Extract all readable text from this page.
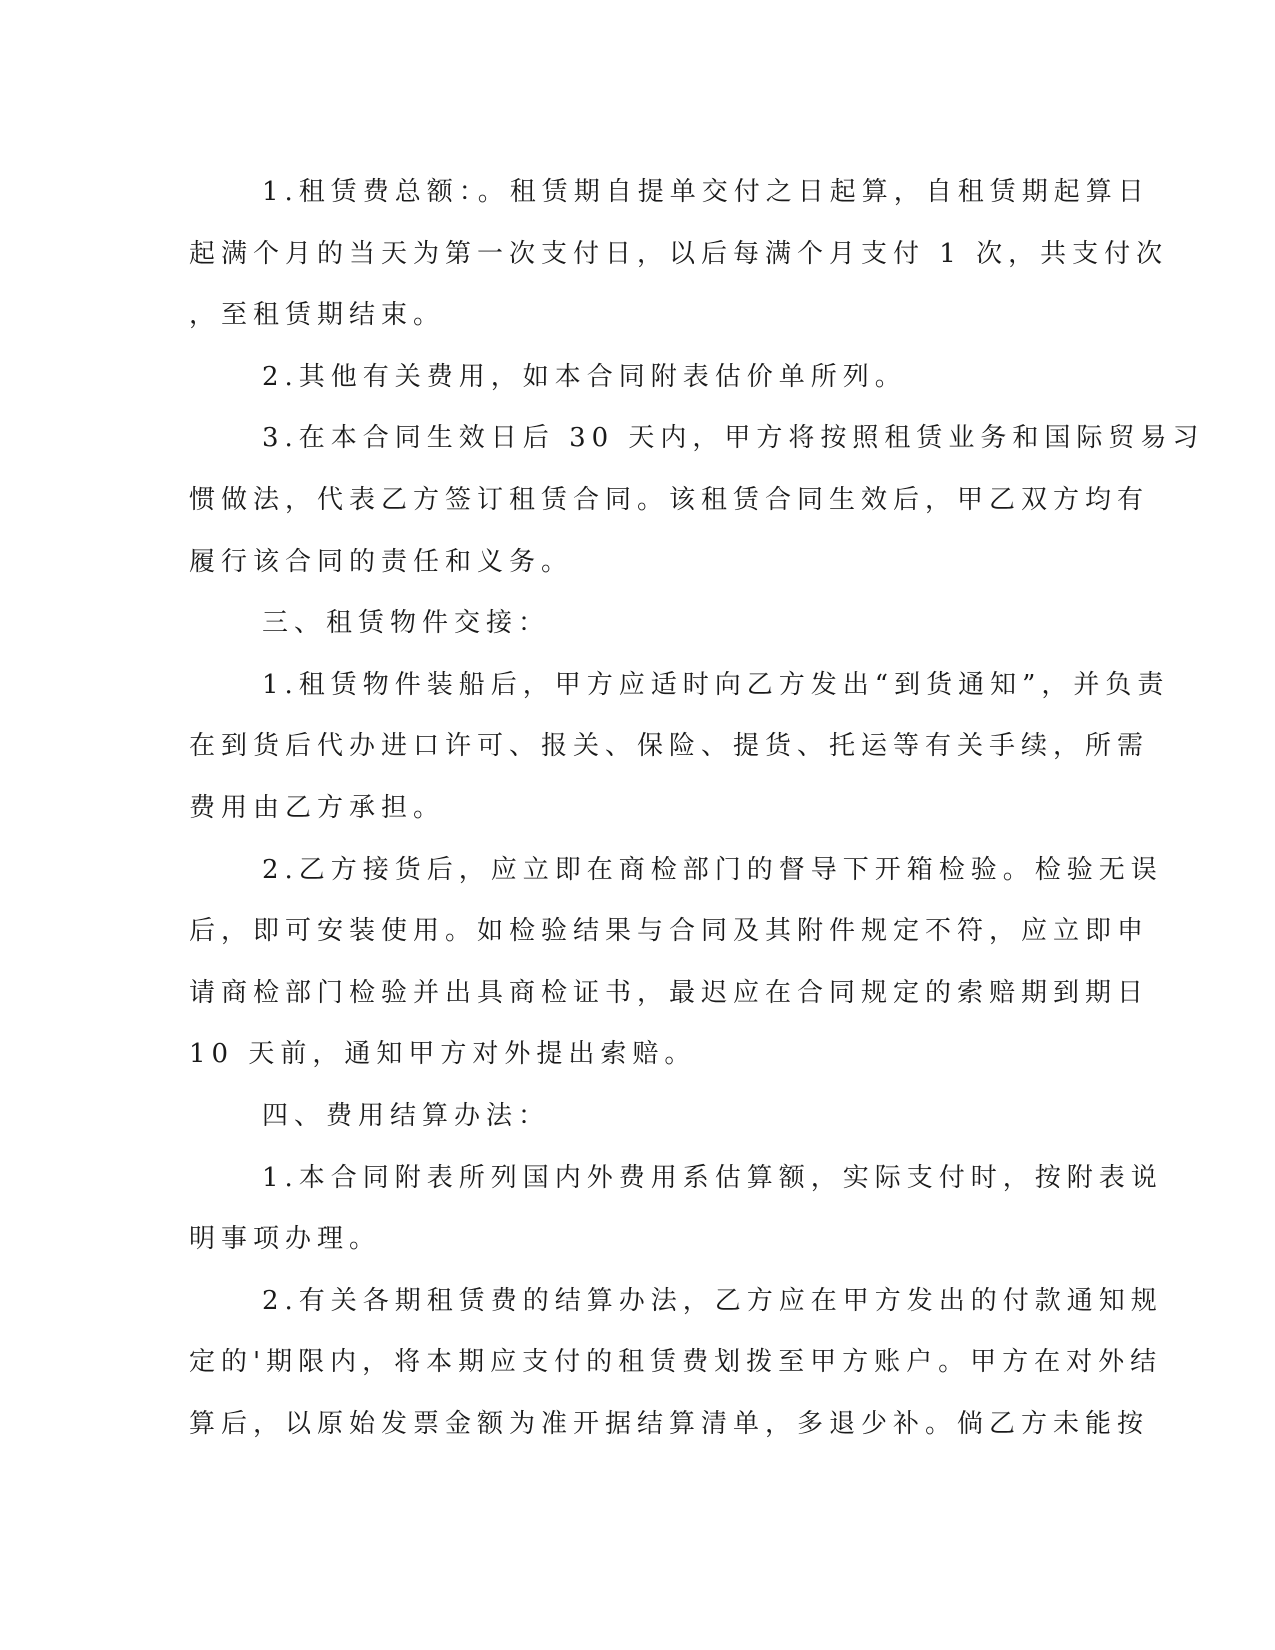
1.租赁费总额：。租赁期自提单交付之日起算，自租赁期起算日
起满个月的当天为第一次支付日，以后每满个月支付 1 次，共支付次
，至租赁期结束。
2.其他有关费用，如本合同附表估价单所列。
3.在本合同生效日后 30 天内，甲方将按照租赁业务和国际贸易习
惯做法，代表乙方签订租赁合同。该租赁合同生效后，甲乙双方均有
履行该合同的责任和义务。
三、租赁物件交接：
1.租赁物件装船后，甲方应适时向乙方发出“到货通知”，并负责
在到货后代办进口许可、报关、保险、提货、托运等有关手续，所需
费用由乙方承担。
2.乙方接货后，应立即在商检部门的督导下开箱检验。检验无误
后，即可安装使用。如检验结果与合同及其附件规定不符，应立即申
请商检部门检验并出具商检证书，最迟应在合同规定的索赔期到期日
10 天前，通知甲方对外提出索赔。
四、费用结算办法：
1.本合同附表所列国内外费用系估算额，实际支付时，按附表说
明事项办理。
2.有关各期租赁费的结算办法，乙方应在甲方发出的付款通知规
定的'期限内，将本期应支付的租赁费划拨至甲方账户。甲方在对外结
算后，以原始发票金额为准开据结算清单，多退少补。倘乙方未能按
